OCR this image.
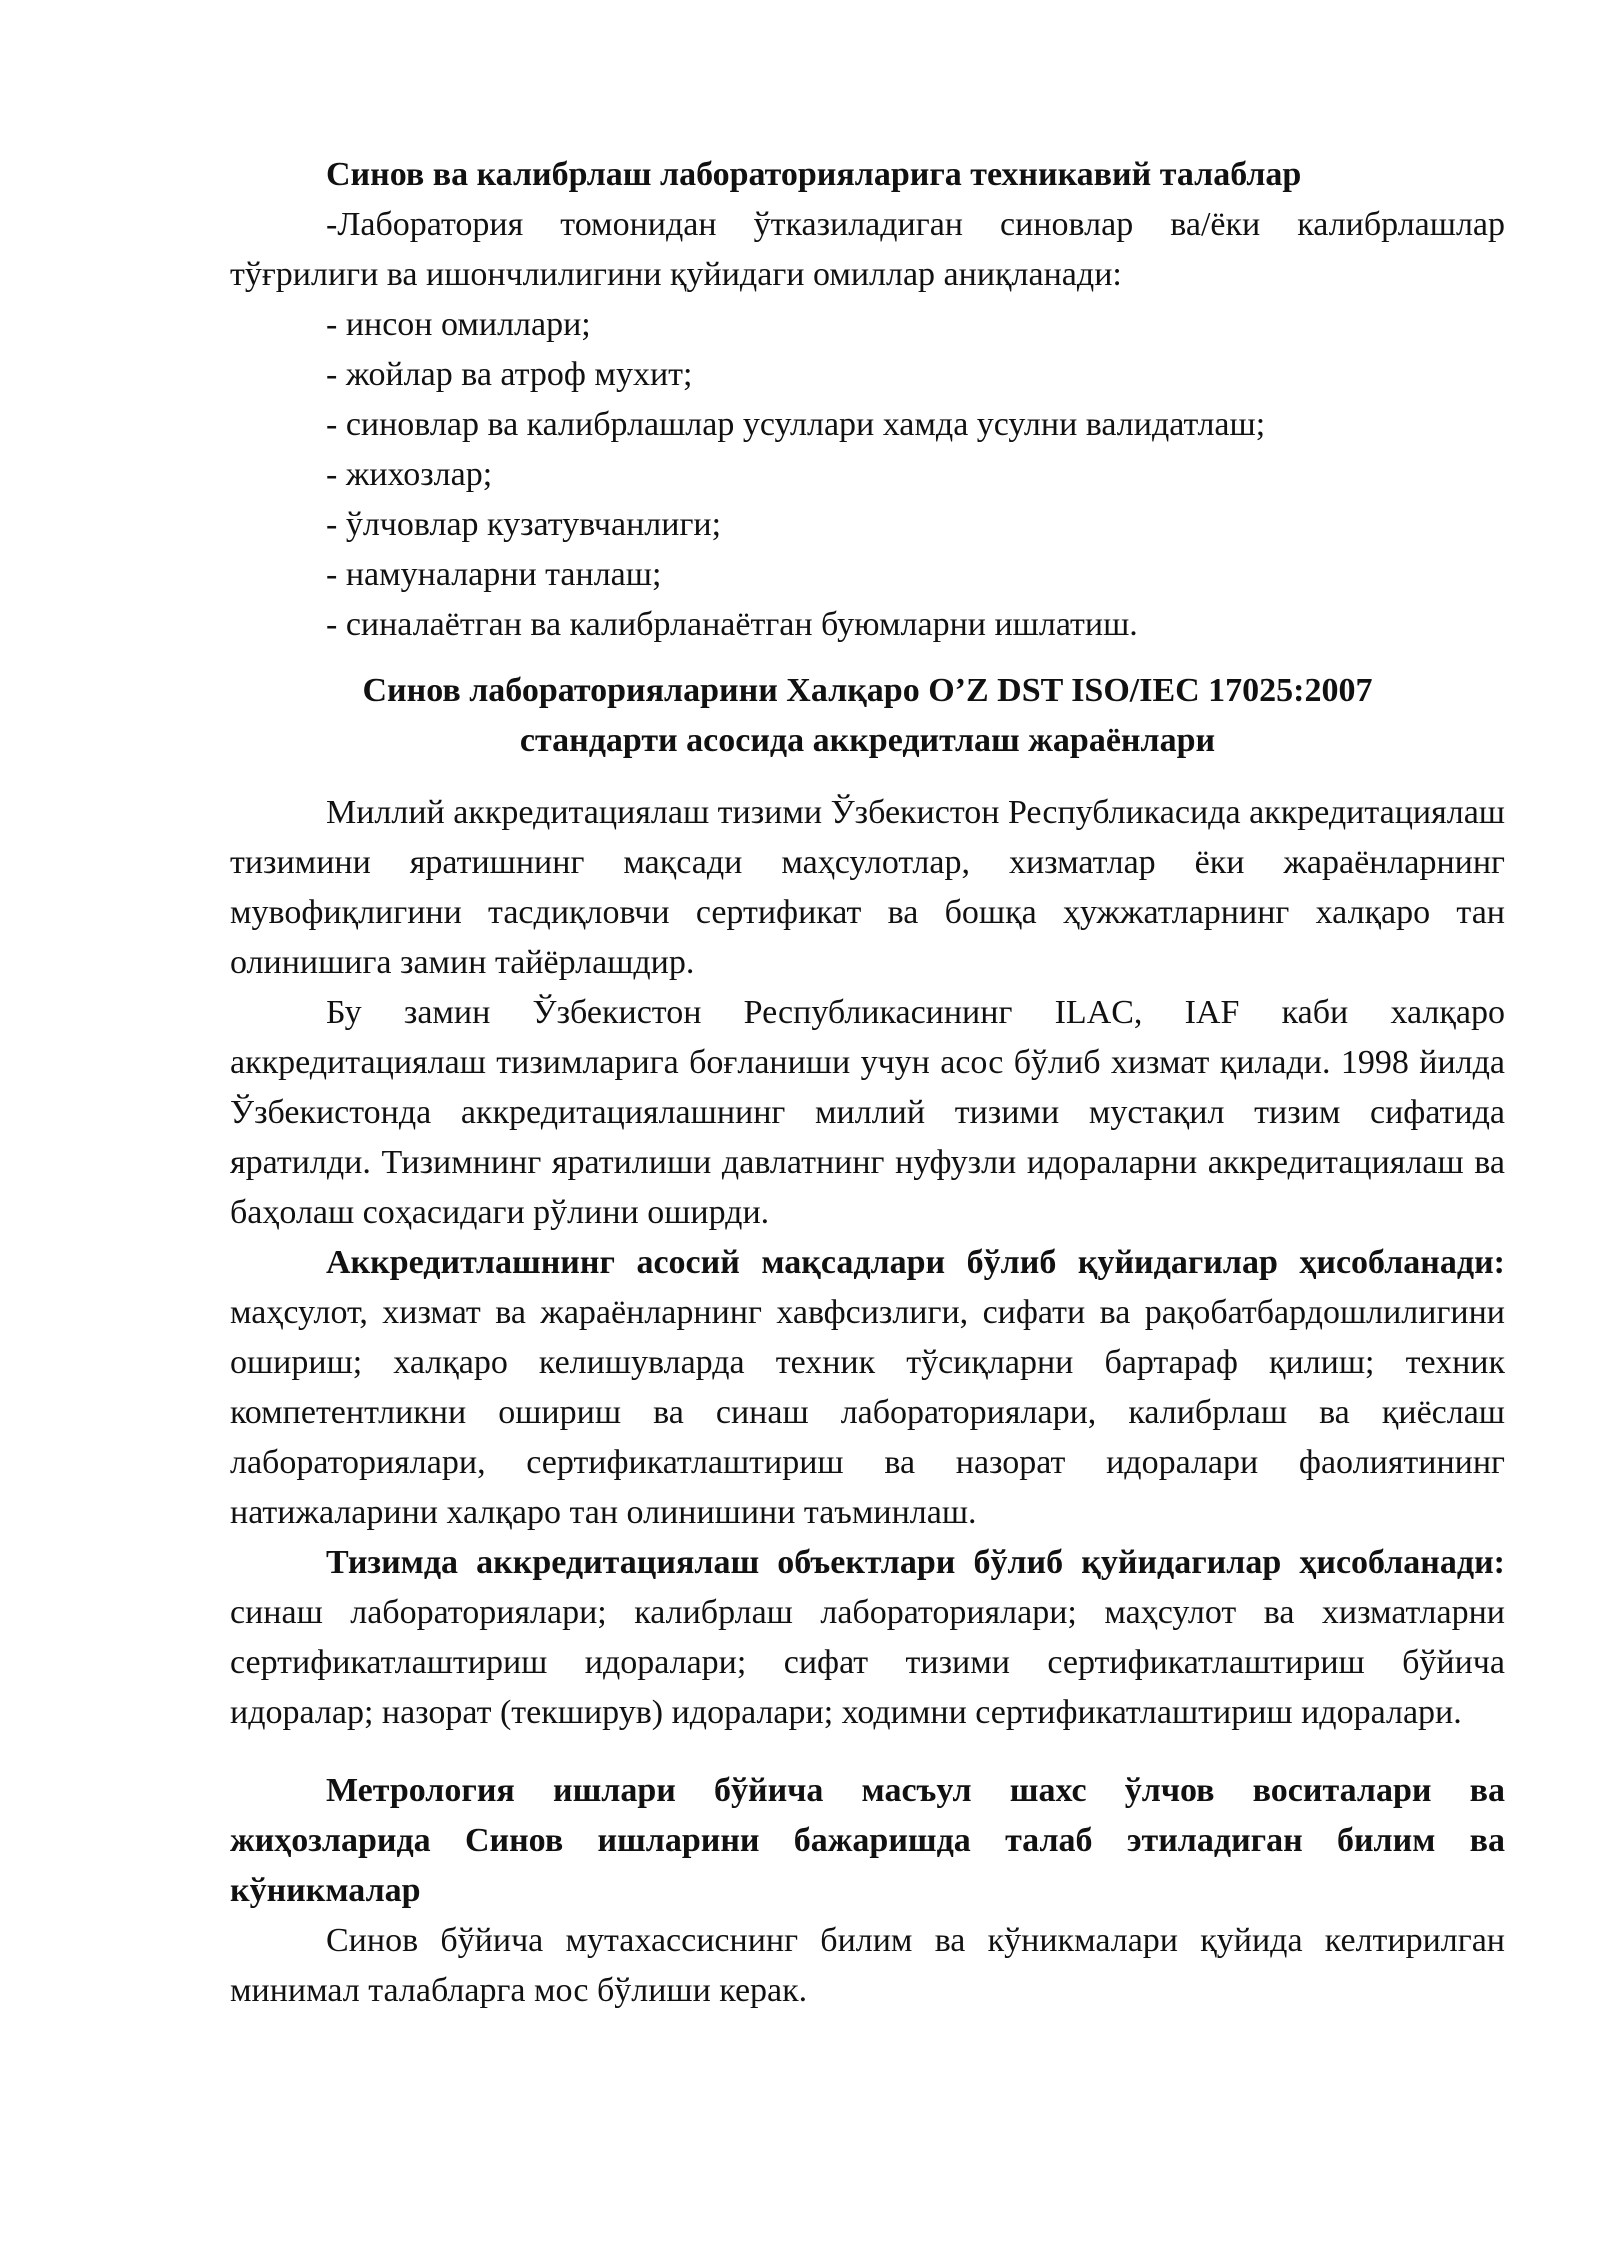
Синов ва калибрлаш лабораторияларига техникавий талаблар

-Лаборатория томонидан ўтказиладиган синовлар ва/ёки калибрлашлар тўғрилиги ва ишончлилигини қуйидаги омиллар аниқланади:

- инсон омиллари;

- жойлар ва атроф мухит;

- синовлар ва калибрлашлар усуллари хамда усулни валидатлаш;

- жихозлар;

- ўлчовлар кузатувчанлиги;

- намуналарни танлаш;

- синалаётган ва калибрланаётган буюмларни ишлатиш.

Синов лабораторияларини Халқаро O’Z DST ISO/IEC 17025:2007

стандарти асосида аккредитлаш жараёнлари

Миллий аккредитациялаш тизими Ўзбекистон Республикасида аккредитациялаш тизимини яратишнинг мақсади маҳсулотлар, хизматлар ёки жараёнларнинг мувофиқлигини тасдиқловчи сертификат ва бошқа ҳужжатларнинг халқаро тан олинишига замин тайёрлашдир.

Бу замин Ўзбекистон Республикасининг ILAC, IAF каби халқаро аккредитациялаш тизимларига боғланиши учун асос бўлиб хизмат қилади. 1998 йилда Ўзбекистонда аккредитациялашнинг миллий тизими мустақил тизим сифатида яратилди. Тизимнинг яратилиши давлатнинг нуфузли идораларни аккредитациялаш ва баҳолаш соҳасидаги рўлини оширди.

Аккредитлашнинг асосий мақсадлари бўлиб қуйидагилар ҳисобланади: маҳсулот, хизмат ва жараёнларнинг хавфсизлиги, сифати ва рақобатбардошлилигини ошириш; халқаро келишувларда техник тўсиқларни бартараф қилиш; техник компетентликни ошириш ва синаш лабораториялари, калибрлаш ва қиёслаш лабораториялари, сертификатлаштириш ва назорат идоралари фаолиятининг натижаларини халқаро тан олинишини таъминлаш.

Тизимда аккредитациялаш объектлари бўлиб қуйидагилар ҳисобланади: синаш лабораториялари; калибрлаш лабораториялари; маҳсулот ва хизматларни сертификатлаштириш идоралари; сифат тизими сертификатлаштириш бўйича идоралар; назорат (текширув) идоралари; ходимни сертификатлаштириш идоралари.

Метрология ишлари бўйича масъул шахс ўлчов воситалари ва жиҳозларида Синов ишларини бажаришда талаб этиладиган билим ва кўникмалар

Синов бўйича мутахассиснинг билим ва кўникмалари қуйида келтирилган минимал талабларга мос бўлиши керак.
